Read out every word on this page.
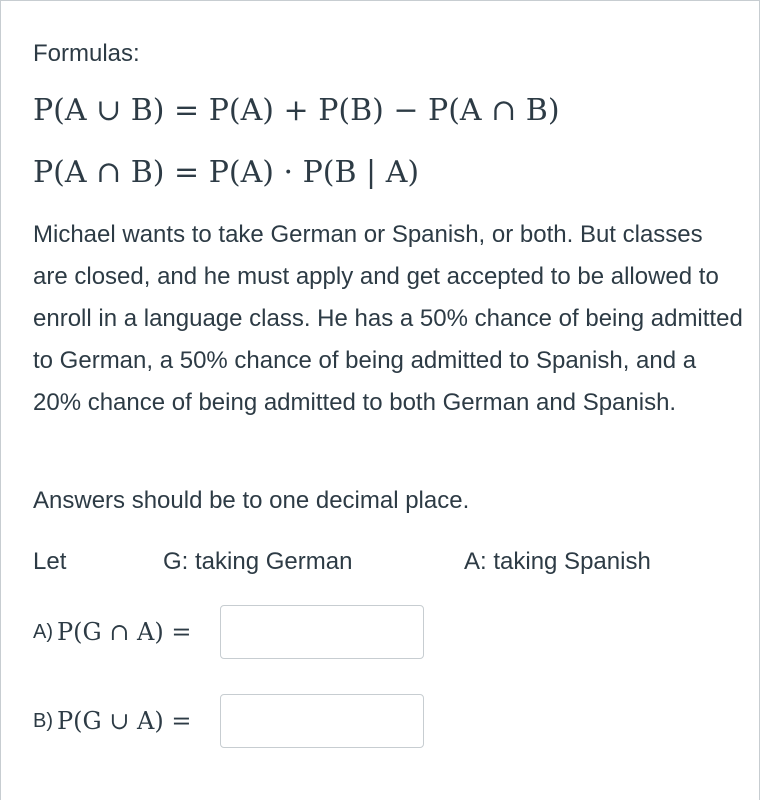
Formulas:
P(A ∪ B) = P(A) + P(B) − P(A ∩ B)
P(A ∩ B) = P(A) · P(B | A)
Michael wants to take German or Spanish, or both. But classes are closed, and he must apply and get accepted to be allowed to enroll in a language class. He has a 50% chance of being admitted to German, a 50% chance of being admitted to Spanish, and a 20% chance of being admitted to both German and Spanish.
Answers should be to one decimal place.
Let	G: taking German	A: taking Spanish
A) P(G ∩ A) =
B) P(G ∪ A) =
